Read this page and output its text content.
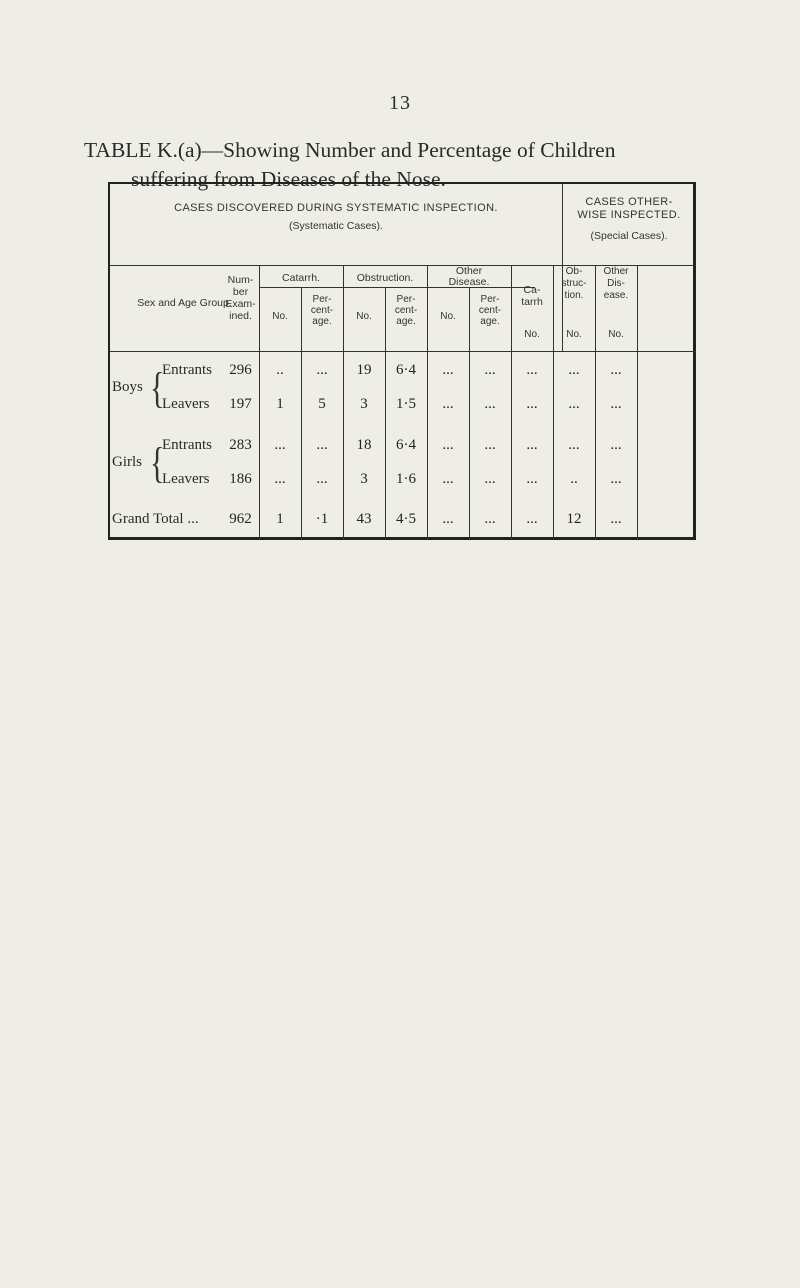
13
TABLE K.(a)—Showing Number and Percentage of Children
suffering from Diseases of the Nose.
CASES DISCOVERED DURING SYSTEMATIC INSPECTION.
(Systematic Cases).
CASES OTHER-
WISE INSPECTED.
(Special Cases).
Sex and Age Group.
Num-
ber
Exam-
ined.
Catarrh.	Obstruction.
Other
Disease.
No.
Per-
cent-
age.	No.
Per-
cent-
age.	No.
Per-
cent-
age.
Ca-
tarrh
No.
Ob-
struc-
tion.
No.
Other
Dis-
ease.
No.
Boys {
Girls {
Entrants	296	..	...	19	6·4	...	...	...	...	...
Leavers	197	1	5	3	1·5	...	...	...	...	...
Entrants	283	...	...	18	6·4	...	...	...	...	...
Leavers	186	...	...	3	1·6	...	...	...	..	...
Grand Total ...	962	1	·1	43	4·5	...	...	...	12	...
